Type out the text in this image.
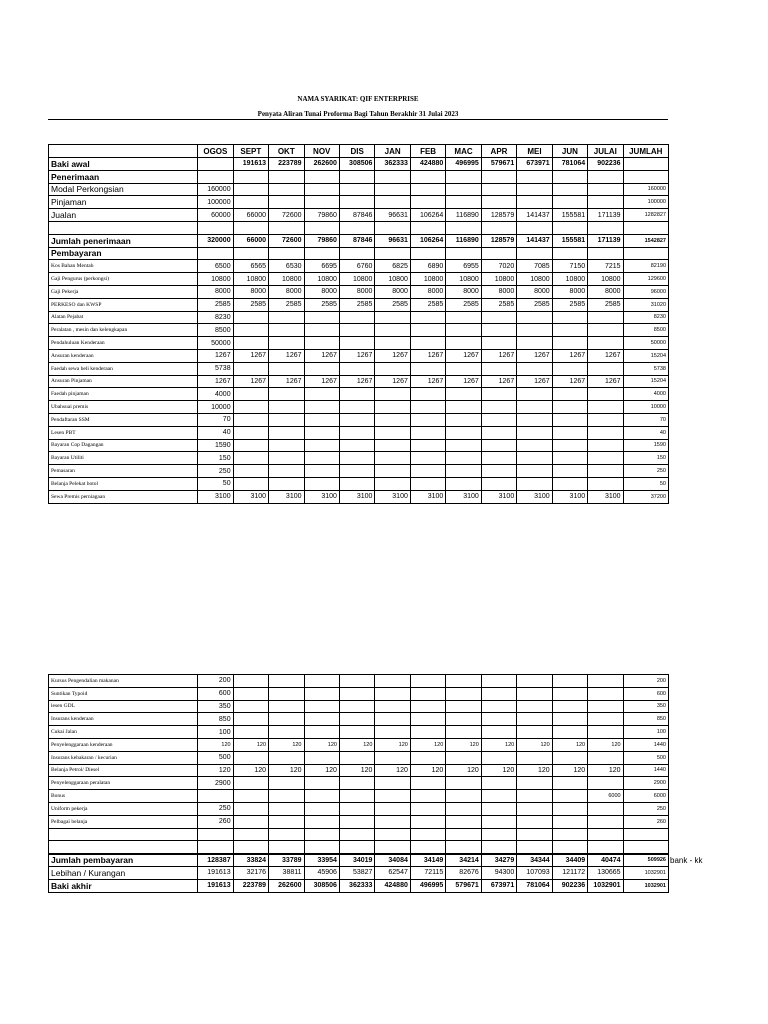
NAMA SYARIKAT: QIF ENTERPRISE
Penyata Aliran Tunai Proforma Bagi Tahun Berakhir 31 Julai 2023
	OGOS	SEPT	OKT	NOV	DIS	JAN	FEB	MAC	APR	MEI	JUN	JULAI	JUMLAH
Baki awal		191613	223789	262600	308506	362333	424880	496995	579671	673971	781064	902236	
Penerimaan													
Modal Perkongsian	160000												160000
Pinjaman	100000												100000
Jualan	60000	66000	72600	79860	87846	96631	106264	116890	128579	141437	155581	171139	1282827

Jumlah penerimaan	320000	66000	72600	79860	87846	96631	106264	116890	128579	141437	155581	171139	1542827
Pembayaran													
Kos Bahan Mentah	6500	6565	6530	6695	6760	6825	6890	6955	7020	7085	7150	7215	82190
Gaji Pengurus (perkongsi)	10800	10800	10800	10800	10800	10800	10800	10800	10800	10800	10800	10800	129600
Gaji Pekerja	8000	8000	8000	8000	8000	8000	8000	8000	8000	8000	8000	8000	96000
PERKESO dan KWSP	2585	2585	2585	2585	2585	2585	2585	2585	2585	2585	2585	2585	31020
Alatan Pejabat	8230												8230
Peralatan , mesin dan kelengkapan	8500												8500
Pendahuluan Kenderaan	50000												50000
Ansuran kenderaan	1267	1267	1267	1267	1267	1267	1267	1267	1267	1267	1267	1267	15204
Faedah sewa beli kenderaan	5738												5738
Ansuran Pinjaman	1267	1267	1267	1267	1267	1267	1267	1267	1267	1267	1267	1267	15204
Faedah pinjaman	4000												4000
Ubahsuai premis	10000												10000
Pendaftaran SSM	70												70
Lesen PBT	40												40
Bayaran Cop Dagangan	1590												1590
Bayaran Utiliti	150												150
Pemasaran	250												250
Belanja Pelekat botol	50												50
Sewa Premis perniagaan	3100	3100	3100	3100	3100	3100	3100	3100	3100	3100	3100	3100	37200
Kursus Pengendalian makanan	200												200
Suntikan Typoid	600												600
lesen GDL	350												350
Insurans kenderaan	850												850
Cukai Jalan	100												100
Penyelenggaraan kenderaan	120	120	120	120	120	120	120	120	120	120	120	120	1440
Insurans kebakaran / kecurian	500												500
Belanja Petrol/ Diesel	120	120	120	120	120	120	120	120	120	120	120	120	1440
Penyelenggaraan peralatan	2900												2900
Bonus												6000	6000
Uniform pekerja	250												250
Pelbagai belanja	260												260

Jumlah pembayaran	128387	33824	33789	33954	34019	34084	34149	34214	34279	34344	34409	40474	509926
Lebihan / Kurangan	191613	32176	38811	45906	53827	62547	72115	82676	94300	107093	121172	130665	1032901
Baki akhir	191613	223789	262600	308506	362333	424880	496995	579671	673971	781064	902236	1032901	1032901
bank - kk
